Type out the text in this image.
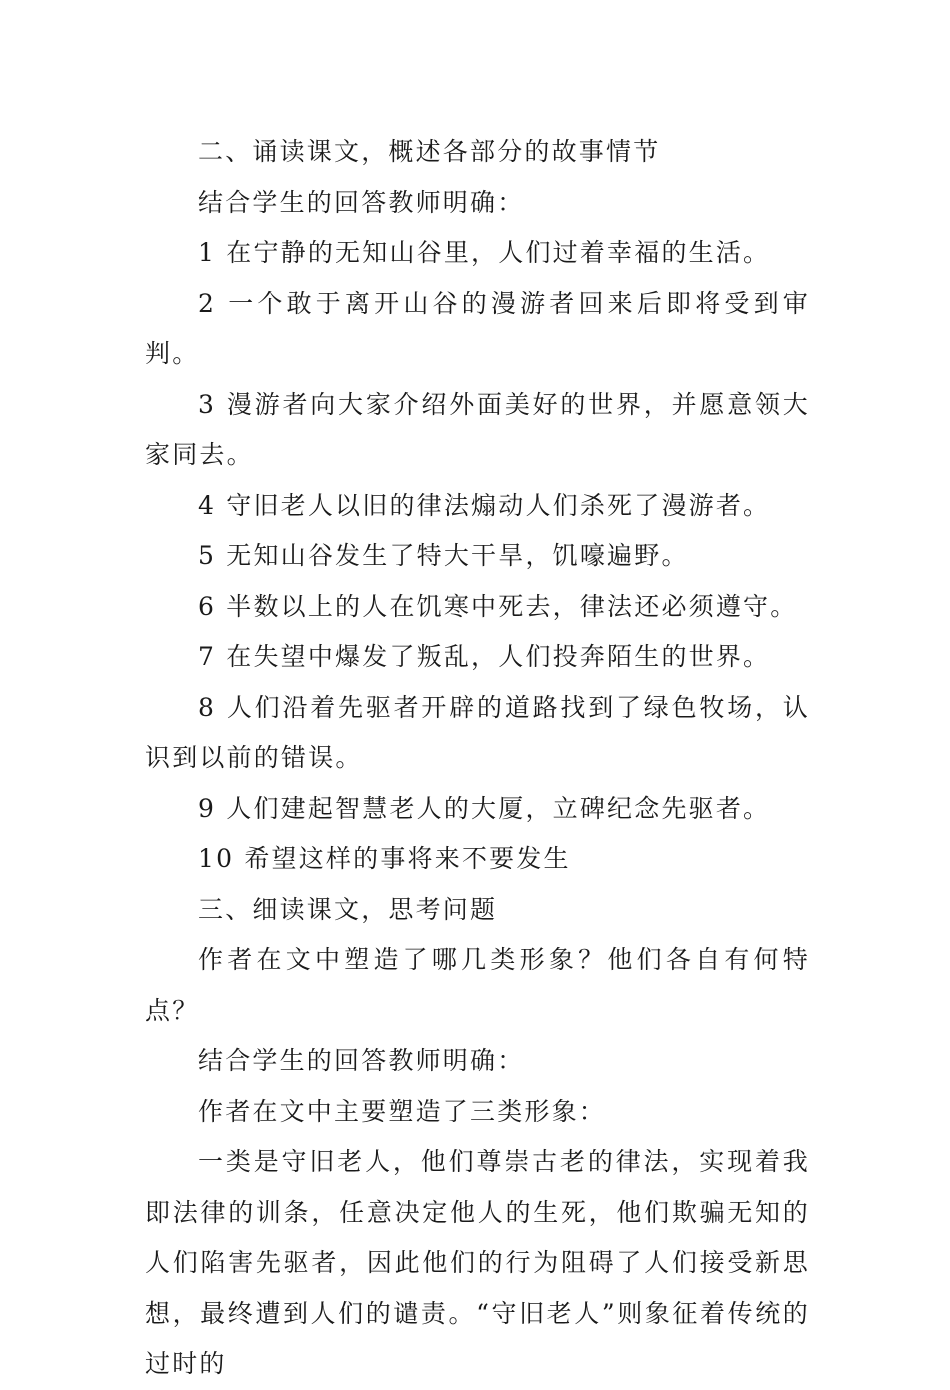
二、诵读课文，概述各部分的故事情节

结合学生的回答教师明确：

1 在宁静的无知山谷里，人们过着幸福的生活。

2 一个敢于离开山谷的漫游者回来后即将受到审判。

3 漫游者向大家介绍外面美好的世界，并愿意领大家同去。

4 守旧老人以旧的律法煽动人们杀死了漫游者。

5 无知山谷发生了特大干旱，饥嚎遍野。

6 半数以上的人在饥寒中死去，律法还必须遵守。

7 在失望中爆发了叛乱，人们投奔陌生的世界。

8 人们沿着先驱者开辟的道路找到了绿色牧场，认识到以前的错误。

9 人们建起智慧老人的大厦，立碑纪念先驱者。

10 希望这样的事将来不要发生

三、细读课文，思考问题

作者在文中塑造了哪几类形象？他们各自有何特点？

结合学生的回答教师明确：

作者在文中主要塑造了三类形象：

一类是守旧老人，他们尊崇古老的律法，实现着我即法律的训条，任意决定他人的生死，他们欺骗无知的人们陷害先驱者，因此他们的行为阻碍了人们接受新思想，最终遭到人们的谴责。“守旧老人”则象征着传统的过时的
